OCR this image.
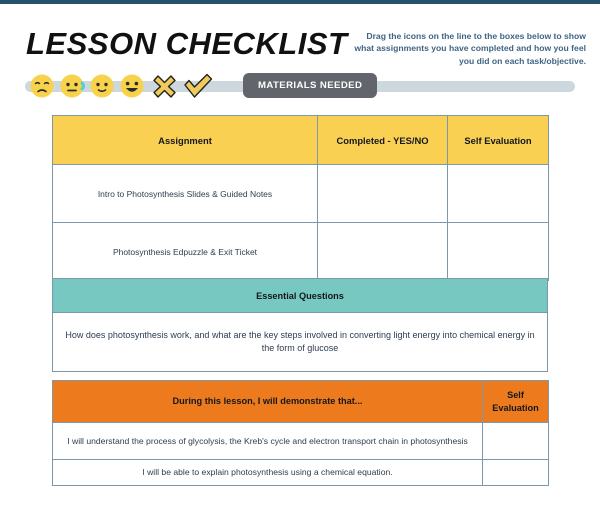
LESSON CHECKLIST	Drag the icons on the line to the boxes below to show what assignments you have completed and how you feel you did on each task/objective.
MATERIALS NEEDED
Assignment	Completed - YES/NO	Self Evaluation
Intro to Photosynthesis Slides & Guided Notes		
Photosynthesis Edpuzzle & Exit Ticket		
Essential Questions
How does photosynthesis work, and what are the key steps involved in converting light energy into chemical energy in the form of glucose
During this lesson, I will demonstrate that...	Self Evaluation
I will understand the process of glycolysis, the Kreb's cycle and electron transport chain in photosynthesis	
I will be able to explain photosynthesis using a chemical equation.	
